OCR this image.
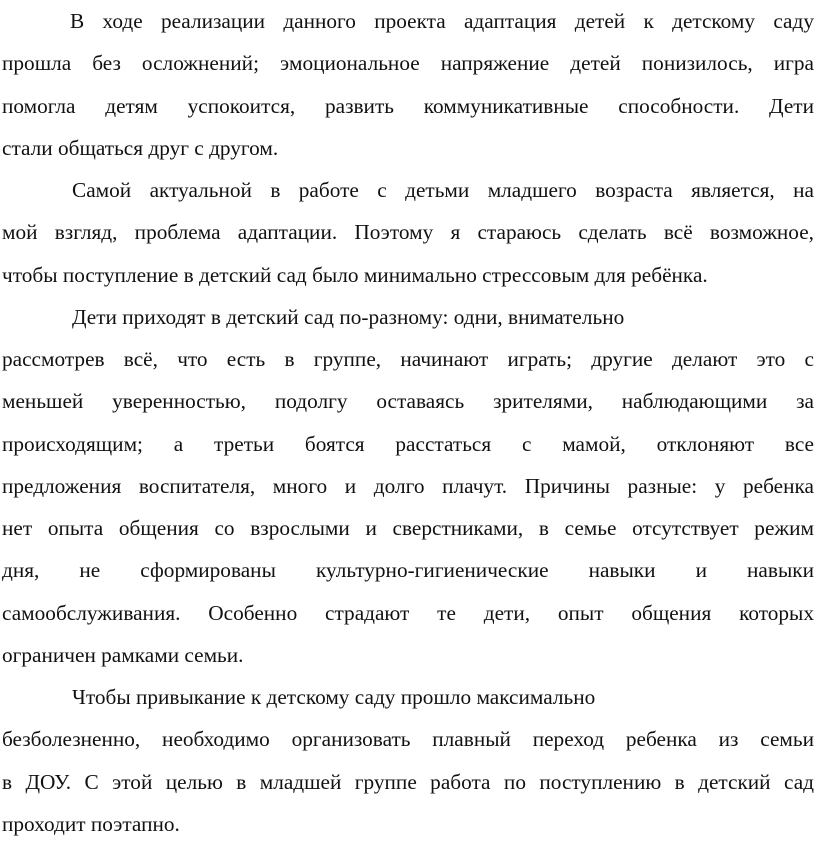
В ходе реализации данного проекта адаптация детей к детскому саду
прошла без осложнений; эмоциональное напряжение детей понизилось, игра
помогла детям успокоится, развить коммуникативные способности. Дети
стали общаться друг с другом.

Самой актуальной в работе с детьми младшего возраста является, на
мой взгляд, проблема адаптации. Поэтому я стараюсь сделать всё возможное,
чтобы поступление в детский сад было минимально стрессовым для ребёнка.

Дети приходят в детский сад по-разному: одни, внимательно
рассмотрев всё, что есть в группе, начинают играть; другие делают это с
меньшей уверенностью, подолгу оставаясь зрителями, наблюдающими за
происходящим; а третьи боятся расстаться с мамой, отклоняют все
предложения воспитателя, много и долго плачут. Причины разные: у ребенка
нет опыта общения со взрослыми и сверстниками, в семье отсутствует режим
дня, не сформированы культурно-гигиенические навыки и навыки
самообслуживания. Особенно страдают те дети, опыт общения которых
ограничен рамками семьи.

Чтобы привыкание к детскому саду прошло максимально
безболезненно, необходимо организовать плавный переход ребенка из семьи
в ДОУ. С этой целью в младшей группе работа по поступлению в детский сад
проходит поэтапно.
